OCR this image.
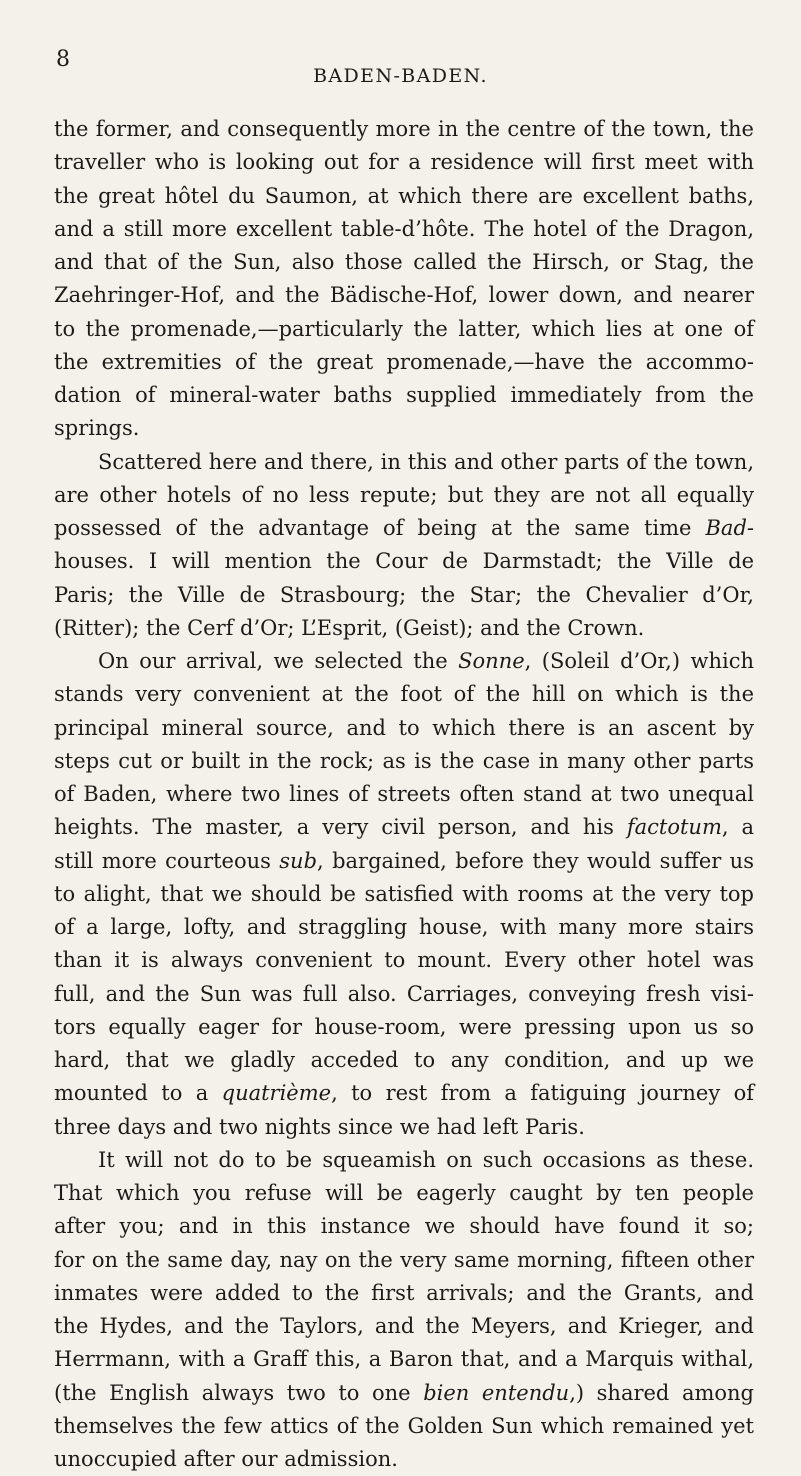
8
BADEN-BADEN.
the former, and consequently more in the centre of the town, the
traveller who is looking out for a residence will first meet with
the great hôtel du Saumon, at which there are excellent baths,
and a still more excellent table-d’hôte. The hotel of the Dragon,
and that of the Sun, also those called the Hirsch, or Stag, the
Zaehringer-Hof, and the Bädische-Hof, lower down, and nearer
to the promenade,—particularly the latter, which lies at one of
the extremities of the great promenade,—have the accommo-
dation of mineral-water baths supplied immediately from the
springs.
Scattered here and there, in this and other parts of the town,
are other hotels of no less repute; but they are not all equally
possessed of the advantage of being at the same time Bad-
houses. I will mention the Cour de Darmstadt; the Ville de
Paris; the Ville de Strasbourg; the Star; the Chevalier d’Or,
(Ritter); the Cerf d’Or; L’Esprit, (Geist); and the Crown.
On our arrival, we selected the Sonne, (Soleil d’Or,) which
stands very convenient at the foot of the hill on which is the
principal mineral source, and to which there is an ascent by
steps cut or built in the rock; as is the case in many other parts
of Baden, where two lines of streets often stand at two unequal
heights. The master, a very civil person, and his factotum, a
still more courteous sub, bargained, before they would suffer us
to alight, that we should be satisfied with rooms at the very top
of a large, lofty, and straggling house, with many more stairs
than it is always convenient to mount. Every other hotel was
full, and the Sun was full also. Carriages, conveying fresh visi-
tors equally eager for house-room, were pressing upon us so
hard, that we gladly acceded to any condition, and up we
mounted to a quatrième, to rest from a fatiguing journey of
three days and two nights since we had left Paris.
It will not do to be squeamish on such occasions as these.
That which you refuse will be eagerly caught by ten people
after you; and in this instance we should have found it so;
for on the same day, nay on the very same morning, fifteen other
inmates were added to the first arrivals; and the Grants, and
the Hydes, and the Taylors, and the Meyers, and Krieger, and
Herrmann, with a Graff this, a Baron that, and a Marquis withal,
(the English always two to one bien entendu,) shared among
themselves the few attics of the Golden Sun which remained yet
unoccupied after our admission.
